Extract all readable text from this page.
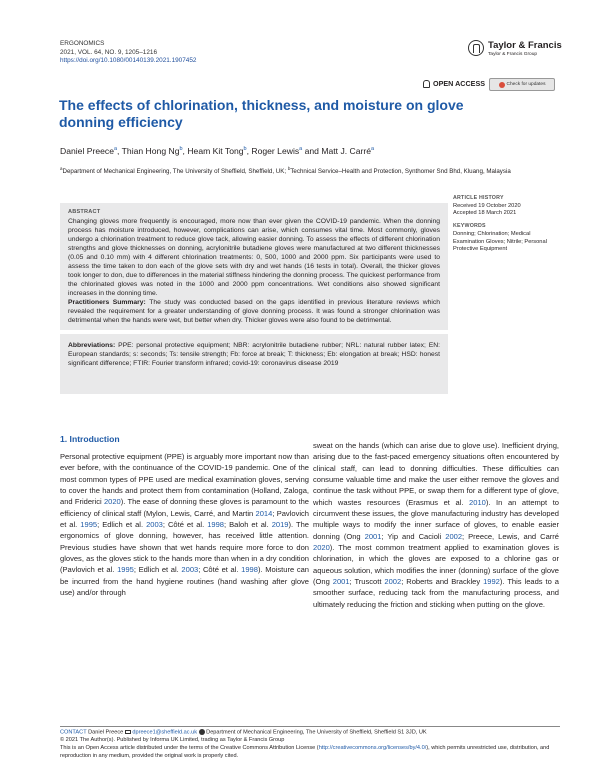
ERGONOMICS
2021, VOL. 64, NO. 9, 1205–1216
https://doi.org/10.1080/00140139.2021.1907452
Taylor & Francis
Taylor & Francis Group
OPEN ACCESS	Check for updates
The effects of chlorination, thickness, and moisture on glove donning efficiency
Daniel Preece$^a$, Thian Hong Ng$^b$, Heam Kit Tong$^b$, Roger Lewis$^a$ and Matt J. Carré$^a$
$^a$Department of Mechanical Engineering, The University of Sheffield, Sheffield, UK; $^b$Technical Service–Health and Protection, Synthomer Snd Bhd, Kluang, Malaysia
ABSTRACT
Changing gloves more frequently is encouraged, more now than ever given the COVID-19 pandemic. When the donning process has moisture introduced, however, complications can arise, which consumes vital time. Most commonly, gloves undergo a chlorination treatment to reduce glove tack, allowing easier donning. To assess the effects of different chlorination strengths and glove thicknesses on donning, acrylonitrile butadiene gloves were manufactured at two different thicknesses (0.05 and 0.10 mm) with 4 different chlorination treatments: 0, 500, 1000 and 2000 ppm. Six participants were used to assess the time taken to don each of the glove sets with dry and wet hands (16 tests in total). Overall, the thicker gloves took longer to don, due to differences in the material stiffness hindering the donning process. The quickest performance from the chlorinated gloves was noted in the 1000 and 2000 ppm concentrations. Wet conditions also showed significant increases in the donning time.
Practitioners Summary: The study was conducted based on the gaps identified in previous literature reviews which revealed the requirement for a greater understanding of glove donning process. It was found a stronger chlorination was detrimental when the hands were wet, but better when dry. Thicker gloves were also found to be detrimental.
Abbreviations: PPE: personal protective equipment; NBR: acrylonitrile butadiene rubber; NRL: natural rubber latex; EN: European standards; s: seconds; Ts: tensile strength; Fb: force at break; T: thickness; Eb: elongation at break; HSD: honest significant difference; FTIR: Fourier transform infrared; covid-19: coronavirus disease 2019
ARTICLE HISTORY
Received 19 October 2020
Accepted 18 March 2021
KEYWORDS
Donning; Chlorination; Medical Examination Gloves; Nitrile; Personal Protective Equipment
1. Introduction
Personal protective equipment (PPE) is arguably more important now than ever before, with the continuance of the COVID-19 pandemic. One of the most common types of PPE used are medical examination gloves, serving to cover the hands and protect them from contamination (Holland, Zaloga, and Friderici 2020). The ease of donning these gloves is paramount to the efficiency of clinical staff (Mylon, Lewis, Carré, and Martin 2014; Pavlovich et al. 1995; Edlich et al. 2003; Côté et al. 1998; Baloh et al. 2019). The ergonomics of glove donning, however, has received little attention. Previous studies have shown that wet hands require more force to don gloves, as the gloves stick to the hands more than when in a dry condition (Pavlovich et al. 1995; Edlich et al. 2003; Côté et al. 1998). Moisture can be incurred from the hand hygiene routines (hand washing after glove use) and/or through
sweat on the hands (which can arise due to glove use). Inefficient drying, arising due to the fast-paced emergency situations often encountered by clinical staff, can lead to donning difficulties. These difficulties can consume valuable time and make the user either remove the gloves and continue the task without PPE, or swap them for a different type of glove, which wastes resources (Erasmus et al. 2010). In an attempt to circumvent these issues, the glove manufacturing industry has developed multiple ways to modify the inner surface of gloves, to enable easier donning (Ong 2001; Yip and Cacioli 2002; Preece, Lewis, and Carré 2020). The most common treatment applied to examination gloves is chlorination, in which the gloves are exposed to a chlorine gas or aqueous solution, which modifies the inner (donning) surface of the glove (Ong 2001; Truscott 2002; Roberts and Brackley 1992). This leads to a smoother surface, reducing tack from the manufacturing process, and ultimately reducing the friction and sticking when putting on the glove.
CONTACT Daniel Preece dpreece1@sheffield.ac.uk Department of Mechanical Engineering, The University of Sheffield, Sheffield S1 3JD, UK
© 2021 The Author(s). Published by Informa UK Limited, trading as Taylor & Francis Group
This is an Open Access article distributed under the terms of the Creative Commons Attribution License (http://creativecommons.org/licenses/by/4.0/), which permits unrestricted use, distribution, and reproduction in any medium, provided the original work is properly cited.
